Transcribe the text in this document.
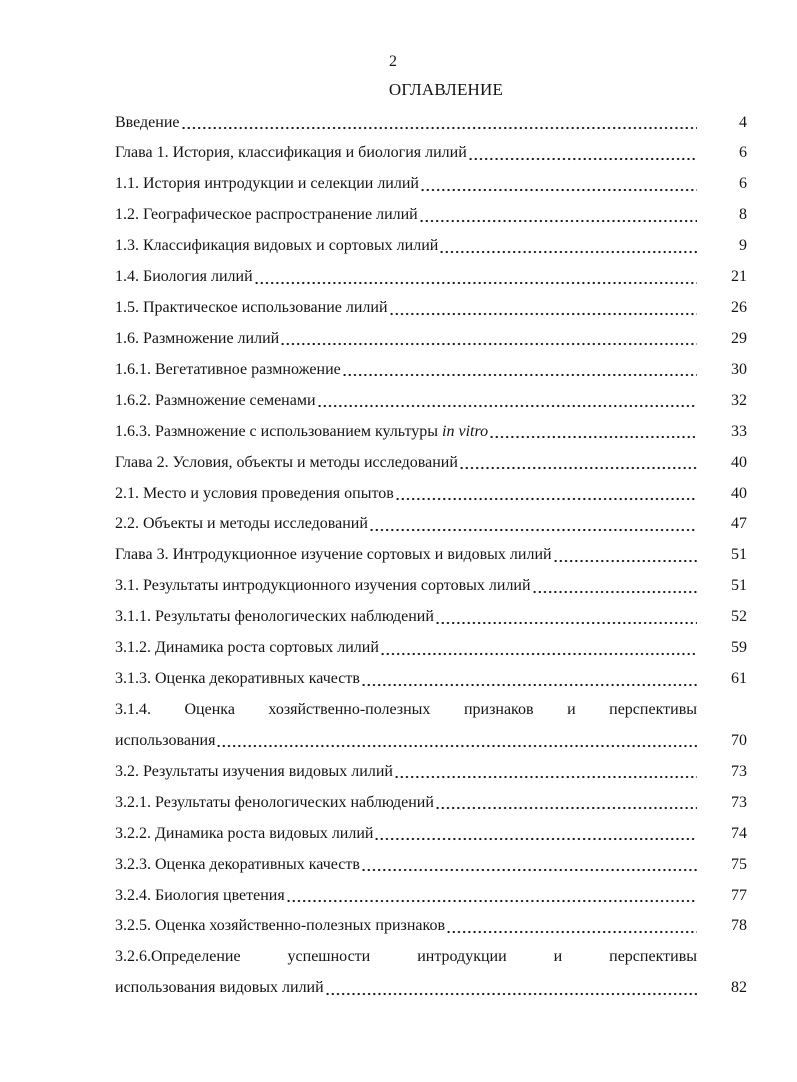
2
ОГЛАВЛЕНИЕ
Введение	4
Глава 1. История, классификация и биология лилий	6
1.1. История интродукции и селекции лилий	6
1.2. Географическое распространение лилий	8
1.3. Классификация видовых и сортовых лилий	9
1.4. Биология лилий	21
1.5. Практическое использование лилий	26
1.6. Размножение лилий	29
1.6.1. Вегетативное размножение	30
1.6.2. Размножение семенами	32
1.6.3. Размножение с использованием культуры in vitro	33
Глава 2. Условия, объекты и методы исследований	40
2.1. Место и условия проведения опытов	40
2.2. Объекты и методы исследований	47
Глава 3. Интродукционное изучение сортовых и видовых лилий	51
3.1. Результаты интродукционного изучения сортовых лилий	51
3.1.1. Результаты фенологических наблюдений	52
3.1.2. Динамика роста сортовых лилий	59
3.1.3. Оценка декоративных качеств	61
3.1.4. Оценка хозяйственно-полезных признаков и перспективы
использования	70
3.2. Результаты изучения видовых лилий	73
3.2.1. Результаты фенологических наблюдений	73
3.2.2. Динамика роста видовых лилий	74
3.2.3. Оценка декоративных качеств	75
3.2.4. Биология цветения	77
3.2.5. Оценка хозяйственно-полезных признаков	78
3.2.6.Определение успешности интродукции и перспективы
использования видовых лилий	82
